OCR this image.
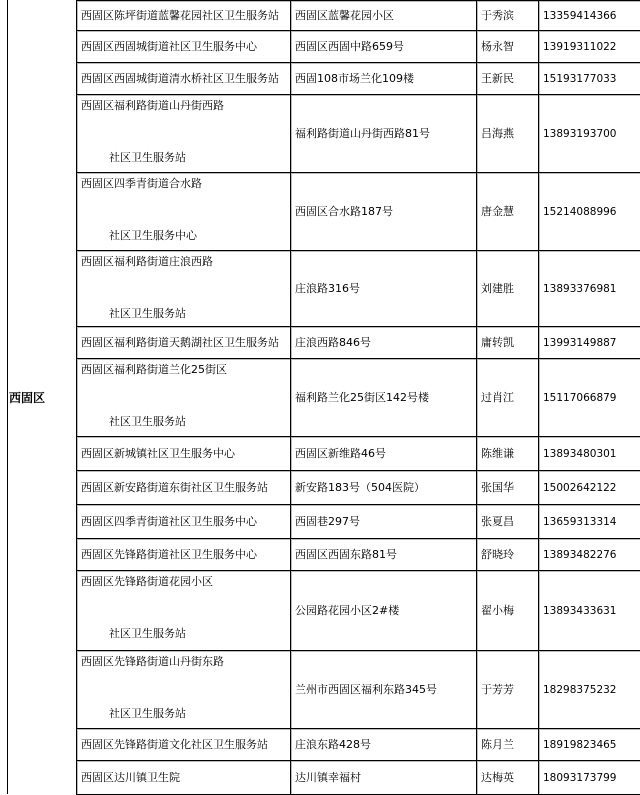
西固区
西固区陈坪街道蓝馨花园社区卫生服务站	西固区蓝馨花园小区	于秀滨	13359414366
西固区西固城街道社区卫生服务中心	西固区西固中路659号	杨永智	13919311022
西固区西固城街道清水桥社区卫生服务站	西固108市场兰化109楼	王新民	15193177033

西固区福利路街道山丹街西路
社区卫生服务站	福利路街道山丹街西路81号	吕海燕	13893193700

西固区四季青街道合水路
社区卫生服务中心	西固区合水路187号	唐金慧	15214088996

西固区福利路街道庄浪西路
社区卫生服务站	庄浪路316号	刘建胜	13893376981
西固区福利路街道天鹅湖社区卫生服务站	庄浪西路846号	庸转凯	13993149887

西固区福利路街道兰化25街区
社区卫生服务站	福利路兰化25街区142号楼	过肖江	15117066879
西固区新城镇社区卫生服务中心	西固区新维路46号	陈维谦	13893480301
西固区新安路街道东街社区卫生服务站	新安路183号（504医院）	张国华	15002642122
西固区四季青街道社区卫生服务中心	西固巷297号	张夏昌	13659313314
西固区先锋路街道社区卫生服务中心	西固区西固东路81号	舒晓玲	13893482276

西固区先锋路街道花园小区
社区卫生服务站	公园路花园小区2#楼	翟小梅	13893433631

西固区先锋路街道山丹街东路
社区卫生服务站	兰州市西固区福利东路345号	于芳芳	18298375232
西固区先锋路街道文化社区卫生服务站	庄浪东路428号	陈月兰	18919823465
西固区达川镇卫生院	达川镇幸福村	达梅英	18093173799
